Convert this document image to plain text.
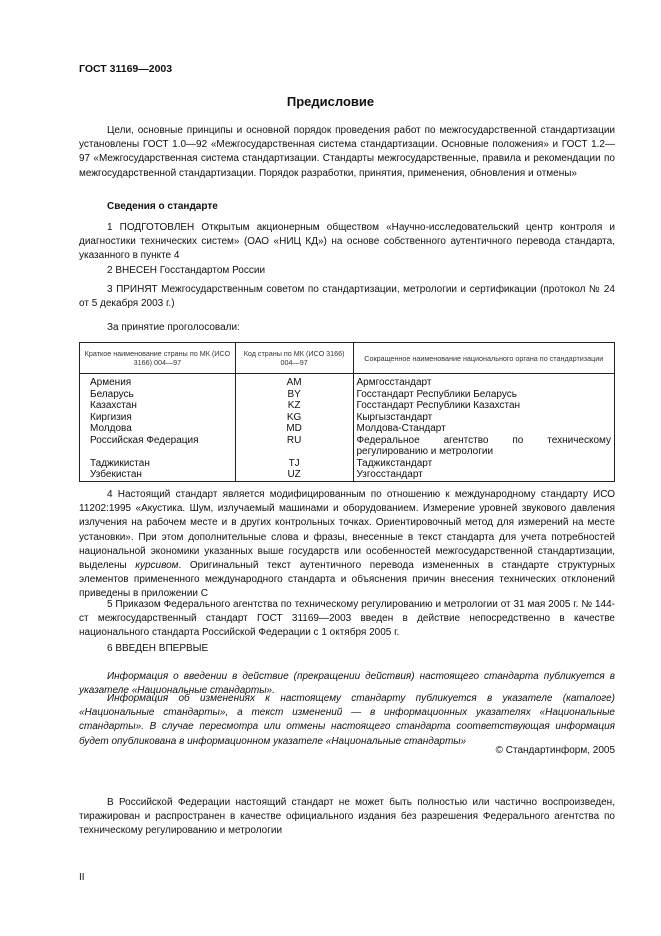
ГОСТ 31169—2003
Предисловие
Цели, основные принципы и основной порядок проведения работ по межгосударственной стандартизации установлены ГОСТ 1.0—92 «Межгосударственная система стандартизации. Основные положения» и ГОСТ 1.2—97 «Межгосударственная система стандартизации. Стандарты межгосударственные, правила и рекомендации по межгосударственной стандартизации. Порядок разработки, принятия, применения, обновления и отмены»
Сведения о стандарте
1 ПОДГОТОВЛЕН Открытым акционерным обществом «Научно-исследовательский центр контроля и диагностики технических систем» (ОАО «НИЦ КД») на основе собственного аутентичного перевода стандарта, указанного в пункте 4
2 ВНЕСЕН Госстандартом России
3 ПРИНЯТ Межгосударственным советом по стандартизации, метрологии и сертификации (протокол № 24 от 5 декабря 2003 г.)
За принятие проголосовали:
Краткое наименование страны по МК (ИСО 3166) 004—97	Код страны по МК (ИСО 3166) 004—97	Сокращенное наименование национального органа по стандартизации
Армения	AM	Армгосстандарт
Беларусь	BY	Госстандарт Республики Беларусь
Казахстан	KZ	Госстандарт Республики Казахстан
Киргизия	KG	Кыргызстандарт
Молдова	MD	Молдова-Стандарт
Российская Федерация	RU	Федеральное агентство по техническому регулированию и метрологии
Таджикистан	TJ	Таджикстандарт
Узбекистан	UZ	Узгосстандарт
4 Настоящий стандарт является модифицированным по отношению к международному стандарту ИСО 11202:1995 «Акустика. Шум, излучаемый машинами и оборудованием. Измерение уровней звукового давления излучения на рабочем месте и в других контрольных точках. Ориентировочный метод для измерений на месте установки». При этом дополнительные слова и фразы, внесенные в текст стандарта для учета потребностей национальной экономики указанных выше государств или особенностей межгосударственной стандартизации, выделены курсивом. Оригинальный текст аутентичного перевода измененных в стандарте структурных элементов примененного международного стандарта и объяснения причин внесения технических отклонений приведены в приложении С
5 Приказом Федерального агентства по техническому регулированию и метрологии от 31 мая 2005 г. № 144-ст межгосударственный стандарт ГОСТ 31169—2003 введен в действие непосредственно в качестве национального стандарта Российской Федерации с 1 октября 2005 г.
6 ВВЕДЕН ВПЕРВЫЕ
Информация о введении в действие (прекращении действия) настоящего стандарта публикуется в указателе «Национальные стандарты».
Информация об изменениях к настоящему стандарту публикуется в указателе (каталоге) «Национальные стандарты», а текст изменений — в информационных указателях «Национальные стандарты». В случае пересмотра или отмены настоящего стандарта соответствующая информация будет опубликована в информационном указателе «Национальные стандарты»
© Стандартинформ, 2005
В Российской Федерации настоящий стандарт не может быть полностью или частично воспроизведен, тиражирован и распространен в качестве официального издания без разрешения Федерального агентства по техническому регулированию и метрологии
II
